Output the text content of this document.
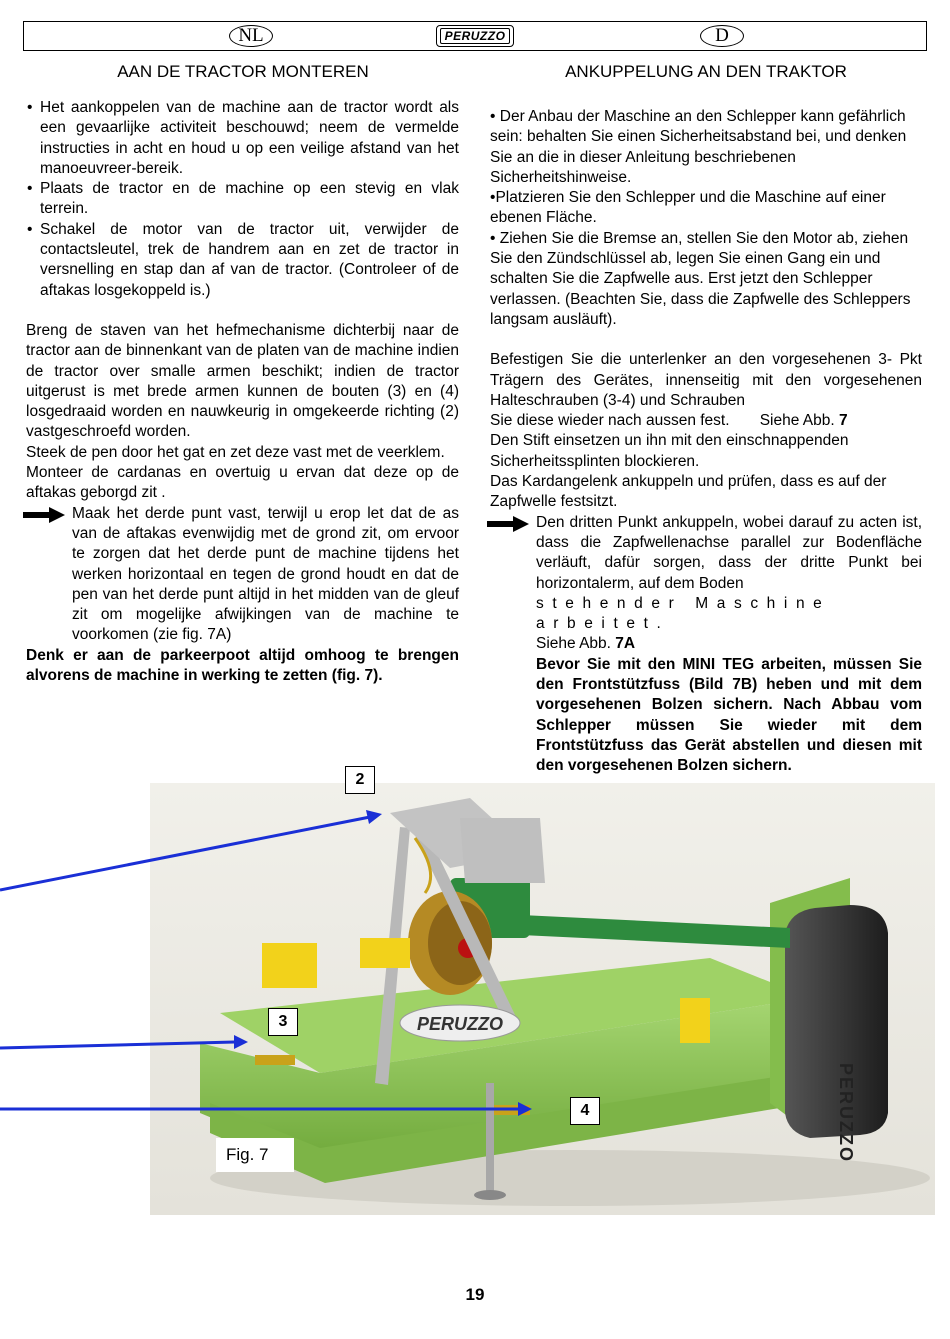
NL	PERUZZO	D
AAN DE TRACTOR MONTEREN	ANKUPPELUNG AN DEN TRAKTOR
• Het aankoppelen van de machine aan de tractor wordt als een gevaarlijke activiteit beschouwd; neem de vermelde instructies in acht en houd u op een veilige afstand van het manoeuvreer-bereik.
• Plaats de tractor en de machine op een stevig en vlak terrein.
• Schakel de motor van de tractor uit, verwijder de contactsleutel, trek de handrem aan en zet de tractor in versnelling en stap dan af van de tractor. (Controleer of de aftakas losgekoppeld is.)

Breng de staven van het hefmechanisme dichterbij naar de tractor aan de binnenkant van de platen van de machine indien de tractor over smalle armen beschikt; indien de tractor uitgerust is met brede armen kunnen de bouten (3) en (4) losgedraaid worden en nauwkeurig in omgekeerde richting (2) vastgeschroefd worden.

Steek de pen door het gat en zet deze vast met de veerklem.

Monteer de cardanas en overtuig u ervan dat deze op de aftakas geborgd zit .

Maak het derde punt vast, terwijl u erop let dat de as van de aftakas evenwijdig met de grond zit, om ervoor te zorgen dat het derde punt de machine tijdens het werken horizontaal en tegen de grond houdt en dat de pen van het derde punt altijd in het midden van de gleuf zit om mogelijke afwijkingen van de machine te voorkomen (zie fig. 7A)

Denk er aan de parkeerpoot altijd omhoog te brengen alvorens de machine in werking te zetten (fig. 7).

• Der Anbau der Maschine an den Schlepper kann gefährlich sein: behalten Sie einen Sicherheitsabstand bei, und denken Sie an die in dieser Anleitung beschriebenen Sicherheitshinweise.
•Platzieren Sie den Schlepper und die Maschine auf einer ebenen Fläche.
• Ziehen Sie die Bremse an, stellen Sie den Motor ab, ziehen Sie den Zündschlüssel ab, legen Sie einen Gang ein und schalten Sie die Zapfwelle aus. Erst jetzt den Schlepper verlassen. (Beachten Sie, dass die Zapfwelle des Schleppers langsam ausläuft).

Befestigen Sie die unterlenker an den vorgesehenen 3- Pkt Trägern des Gerätes, innenseitig mit den vorgesehenen Halteschrauben (3-4) und Schrauben
Sie diese wieder nach aussen fest. Siehe Abb. 7

Den Stift einsetzen un ihn mit den einschnappenden Sicherheitssplinten blockieren.

Das Kardangelenk ankuppeln und prüfen, dass es auf der Zapfwelle festsitzt.

Den dritten Punkt ankuppeln, wobei darauf zu acten ist, dass die Zapfwellenachse parallel zur Bodenfläche verläuft, dafür sorgen, dass der dritte Punkt bei horizontalerm, auf dem Boden
stehender Maschine arbeitet.
Siehe Abb. 7A
Bevor Sie mit den MINI TEG arbeiten, müssen Sie den Frontstützfuss (Bild 7B) heben und mit dem vorgesehenen Bolzen sichern. Nach Abbau vom Schlepper müssen Sie wieder mit dem Frontstützfuss das Gerät abstellen und diesen mit den vorgesehenen Bolzen sichern.
PERUZZO
PERUZZO
2
3
4
Fig. 7
19
